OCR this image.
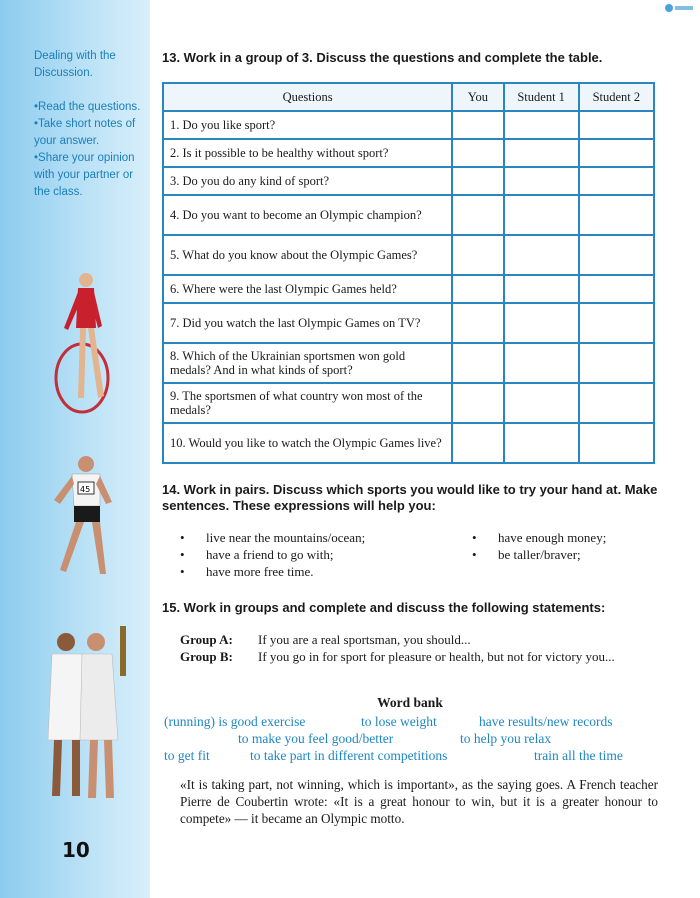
Dealing with the Discussion.

• Read the questions.
• Take short notes of your answer.
• Share your opinion with your partner or the class.
45
10

13. Work in a group of 3. Discuss the questions and complete the table.

Questions	You	Student 1	Student 2
1. Do you like sport?			
2. Is it possible to be healthy without sport?			
3. Do you do any kind of sport?			
4. Do you want to become an Olympic champion?			
5. What do you know about the Olympic Games?			
6. Where were the last Olympic Games held?			
7. Did you watch the last Olympic Games on TV?			
8. Which of the Ukrainian sportsmen won gold medals? And in what kinds of sport?			
9. The sportsmen of what country won most of the medals?			
10. Would you like to watch the Olympic Games live?			

14. Work in pairs. Discuss which sports you would like to try your hand at. Make sentences. These expressions will help you:

• live near the mountains/ocean;
• have a friend to go with;
• have more free time.
• have enough money;
• be taller/braver;

15. Work in groups and complete and discuss the following statements:

Group A:	If you are a real sportsman, you should...
Group B:	If you go in for sport for pleasure or health, but not for victory you...
Word bank
(running) is good exercise	to lose weight	have results/new records
to make you feel good/better	to help you relax
to get fit	to take part in different competitions	train all the time

«It is taking part, not winning, which is important», as the saying goes. A French teacher Pierre de Coubertin wrote: «It is a great honour to win, but it is a greater honour to compete» — it became an Olympic motto.
